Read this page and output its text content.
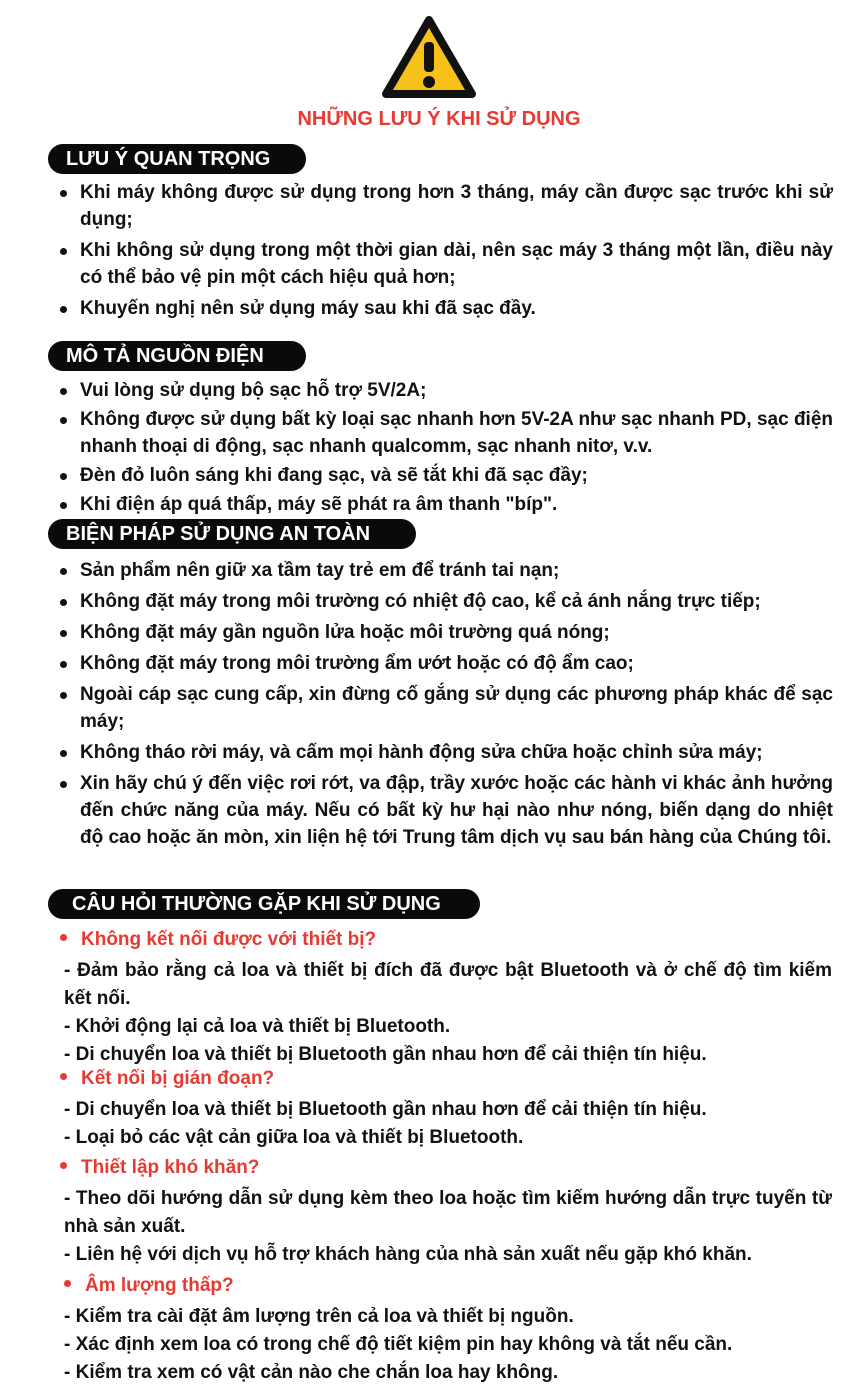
NHỮNG LƯU Ý KHI SỬ DỤNG
LƯU Ý QUAN TRỌNG
Khi máy không được sử dụng trong hơn 3 tháng, máy cần được sạc trước khi sử dụng;
Khi không sử dụng trong một thời gian dài, nên sạc máy 3 tháng một lần, điều này có thể bảo vệ pin một cách hiệu quả hơn;
Khuyến nghị nên sử dụng máy sau khi đã sạc đầy.
MÔ TẢ NGUỒN ĐIỆN
Vui lòng sử dụng bộ sạc hỗ trợ 5V/2A;
Không được sử dụng bất kỳ loại sạc nhanh hơn 5V-2A như sạc nhanh PD, sạc điện nhanh thoại di động, sạc nhanh qualcomm, sạc nhanh nitơ, v.v.
Đèn đỏ luôn sáng khi đang sạc, và sẽ tắt khi đã sạc đầy;
Khi điện áp quá thấp, máy sẽ phát ra âm thanh "bíp".
BIỆN PHÁP SỬ DỤNG AN TOÀN
Sản phẩm nên giữ xa tầm tay trẻ em để tránh tai nạn;
Không đặt máy trong môi trường có nhiệt độ cao, kể cả ánh nắng trực tiếp;
Không đặt máy gần nguồn lửa hoặc môi trường quá nóng;
Không đặt máy trong môi trường ẩm ướt hoặc có độ ẩm cao;
Ngoài cáp sạc cung cấp, xin đừng cố gắng sử dụng các phương pháp khác để sạc máy;
Không tháo rời máy, và cấm mọi hành động sửa chữa hoặc chỉnh sửa máy;
Xin hãy chú ý đến việc rơi rớt, va đập, trầy xước hoặc các hành vi khác ảnh hưởng đến chức năng của máy. Nếu có bất kỳ hư hại nào như nóng, biến dạng do nhiệt độ cao hoặc ăn mòn, xin liện hệ tới Trung tâm dịch vụ sau bán hàng của Chúng tôi.
CÂU HỎI THƯỜNG GẶP KHI SỬ DỤNG
Không kết nối được với thiết bị?
- Đảm bảo rằng cả loa và thiết bị đích đã được bật Bluetooth và ở chế độ tìm kiếm kết nối.
- Khởi động lại cả loa và thiết bị Bluetooth.
- Di chuyển loa và thiết bị Bluetooth gần nhau hơn để cải thiện tín hiệu.
Kết nối bị gián đoạn?
- Di chuyển loa và thiết bị Bluetooth gần nhau hơn để cải thiện tín hiệu.
- Loại bỏ các vật cản giữa loa và thiết bị Bluetooth.
Thiết lập khó khăn?
- Theo dõi hướng dẫn sử dụng kèm theo loa hoặc tìm kiếm hướng dẫn trực tuyến từ nhà sản xuất.
- Liên hệ với dịch vụ hỗ trợ khách hàng của nhà sản xuất nếu gặp khó khăn.
Âm lượng thấp?
- Kiểm tra cài đặt âm lượng trên cả loa và thiết bị nguồn.
- Xác định xem loa có trong chế độ tiết kiệm pin hay không và tắt nếu cần.
- Kiểm tra xem có vật cản nào che chắn loa hay không.
